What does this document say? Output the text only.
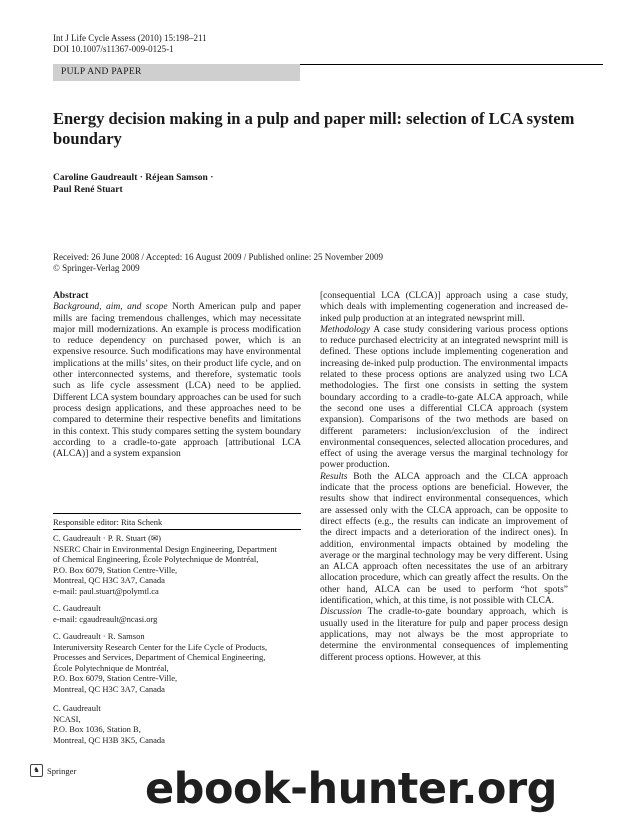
Int J Life Cycle Assess (2010) 15:198–211
DOI 10.1007/s11367-009-0125-1
PULP AND PAPER
Energy decision making in a pulp and paper mill: selection of LCA system boundary
Caroline Gaudreault · Réjean Samson ·
Paul René Stuart
Received: 26 June 2008 / Accepted: 16 August 2009 / Published online: 25 November 2009
© Springer-Verlag 2009

Abstract

Background, aim, and scope North American pulp and paper mills are facing tremendous challenges, which may necessitate major mill modernizations. An example is process modification to reduce dependency on purchased power, which is an expensive resource. Such modifications may have environmental implications at the mills’ sites, on their product life cycle, and on other interconnected systems, and therefore, systematic tools such as life cycle assessment (LCA) need to be applied. Different LCA system boundary approaches can be used for such process design applications, and these approaches need to be compared to determine their respective benefits and limitations in this context. This study compares setting the system boundary according to a cradle-to-gate approach [attributional LCA (ALCA)] and a system expansion

Responsible editor: Rita Schenk
C. Gaudreault · P. R. Stuart (✉)
NSERC Chair in Environmental Design Engineering, Department
of Chemical Engineering, École Polytechnique de Montréal,
P.O. Box 6079, Station Centre-Ville,
Montreal, QC H3C 3A7, Canada
e-mail: paul.stuart@polymtl.ca
C. Gaudreault
e-mail: cgaudreault@ncasi.org
C. Gaudreault · R. Samson
Interuniversity Research Center for the Life Cycle of Products,
Processes and Services, Department of Chemical Engineering,
École Polytechnique de Montréal,
P.O. Box 6079, Station Centre-Ville,
Montreal, QC H3C 3A7, Canada
C. Gaudreault
NCASI,
P.O. Box 1036, Station B,
Montreal, QC H3B 3K5, Canada

[consequential LCA (CLCA)] approach using a case study, which deals with implementing cogeneration and increased de-inked pulp production at an integrated newsprint mill.

Methodology A case study considering various process options to reduce purchased electricity at an integrated newsprint mill is defined. These options include implementing cogeneration and increasing de-inked pulp production. The environmental impacts related to these process options are analyzed using two LCA methodologies. The first one consists in setting the system boundary according to a cradle-to-gate ALCA approach, while the second one uses a differential CLCA approach (system expansion). Comparisons of the two methods are based on different parameters: inclusion/exclusion of the indirect environmental consequences, selected allocation procedures, and effect of using the average versus the marginal technology for power production.

Results Both the ALCA approach and the CLCA approach indicate that the process options are beneficial. However, the results show that indirect environmental consequences, which are assessed only with the CLCA approach, can be opposite to direct effects (e.g., the results can indicate an improvement of the direct impacts and a deterioration of the indirect ones). In addition, environmental impacts obtained by modeling the average or the marginal technology may be very different. Using an ALCA approach often necessitates the use of an arbitrary allocation procedure, which can greatly affect the results. On the other hand, ALCA can be used to perform “hot spots” identification, which, at this time, is not possible with CLCA.

Discussion The cradle-to-gate boundary approach, which is usually used in the literature for pulp and paper process design applications, may not always be the most appropriate to determine the environmental consequences of implementing different process options. However, at this

♞ Springer ebook-hunter.org
